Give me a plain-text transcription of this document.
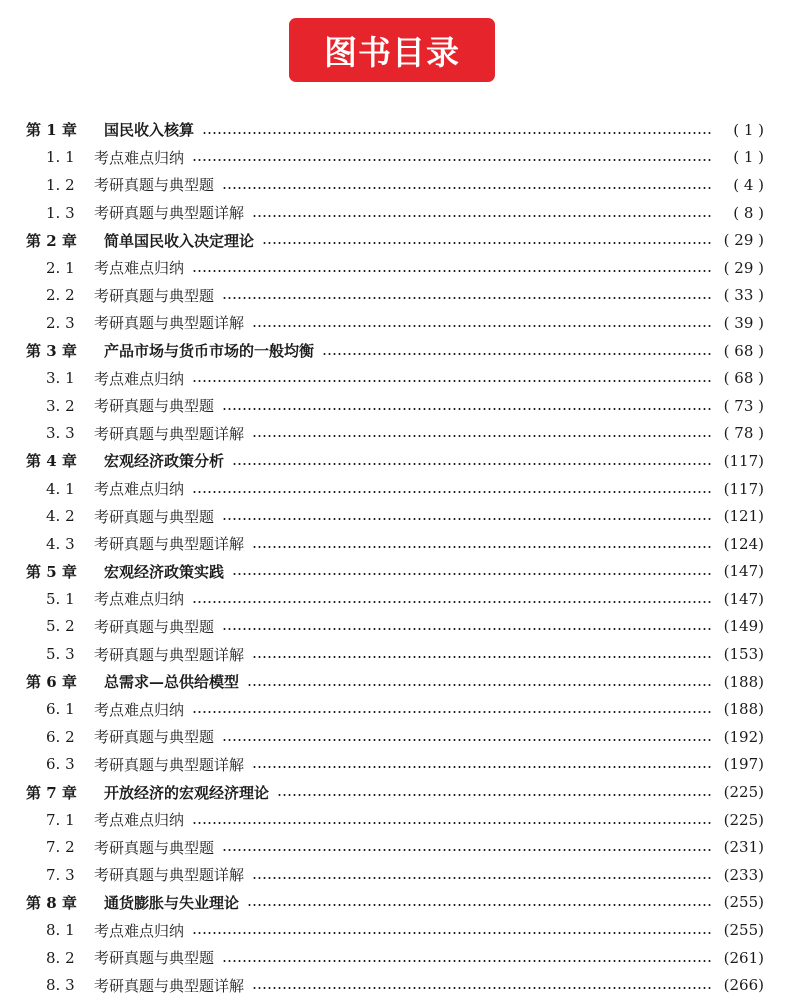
图书目录
第 1 章	国民收入核算	( 1 )
1. 1	考点难点归纳	( 1 )
1. 2	考研真题与典型题	( 4 )
1. 3	考研真题与典型题详解	( 8 )
第 2 章	简单国民收入决定理论	( 29 )
2. 1	考点难点归纳	( 29 )
2. 2	考研真题与典型题	( 33 )
2. 3	考研真题与典型题详解	( 39 )
第 3 章	产品市场与货币市场的一般均衡	( 68 )
3. 1	考点难点归纳	( 68 )
3. 2	考研真题与典型题	( 73 )
3. 3	考研真题与典型题详解	( 78 )
第 4 章	宏观经济政策分析	(117)
4. 1	考点难点归纳	(117)
4. 2	考研真题与典型题	(121)
4. 3	考研真题与典型题详解	(124)
第 5 章	宏观经济政策实践	(147)
5. 1	考点难点归纳	(147)
5. 2	考研真题与典型题	(149)
5. 3	考研真题与典型题详解	(153)
第 6 章	总需求—总供给模型	(188)
6. 1	考点难点归纳	(188)
6. 2	考研真题与典型题	(192)
6. 3	考研真题与典型题详解	(197)
第 7 章	开放经济的宏观经济理论	(225)
7. 1	考点难点归纳	(225)
7. 2	考研真题与典型题	(231)
7. 3	考研真题与典型题详解	(233)
第 8 章	通货膨胀与失业理论	(255)
8. 1	考点难点归纳	(255)
8. 2	考研真题与典型题	(261)
8. 3	考研真题与典型题详解	(266)
